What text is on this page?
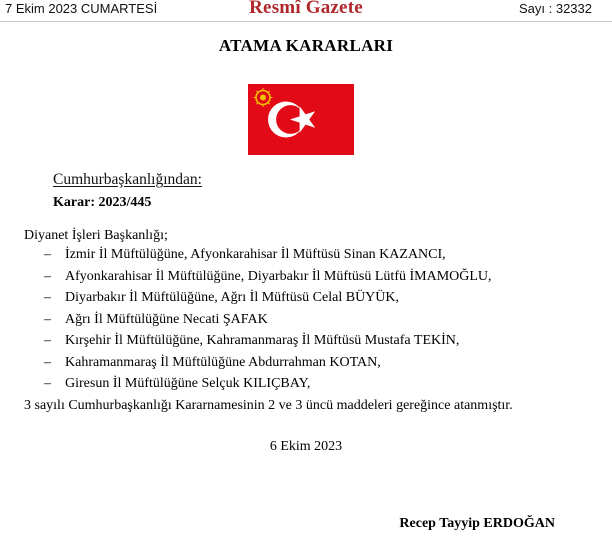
7 Ekim 2023 CUMARTESİ	Resmî Gazete	Sayı : 32332
ATAMA KARARLARI
Cumhurbaşkanlığından:
Karar: 2023/445
Diyanet İşleri Başkanlığı;
– İzmir İl Müftülüğüne, Afyonkarahisar İl Müftüsü Sinan KAZANCI,
– Afyonkarahisar İl Müftülüğüne, Diyarbakır İl Müftüsü Lütfü İMAMOĞLU,
– Diyarbakır İl Müftülüğüne, Ağrı İl Müftüsü Celal BÜYÜK,
– Ağrı İl Müftülüğüne Necati ŞAFAK
– Kırşehir İl Müftülüğüne, Kahramanmaraş İl Müftüsü Mustafa TEKİN,
– Kahramanmaraş İl Müftülüğüne Abdurrahman KOTAN,
– Giresun İl Müftülüğüne Selçuk KILIÇBAY,
3 sayılı Cumhurbaşkanlığı Kararnamesinin 2 ve 3 üncü maddeleri gereğince atanmıştır.
6 Ekim 2023
Recep Tayyip ERDOĞAN
